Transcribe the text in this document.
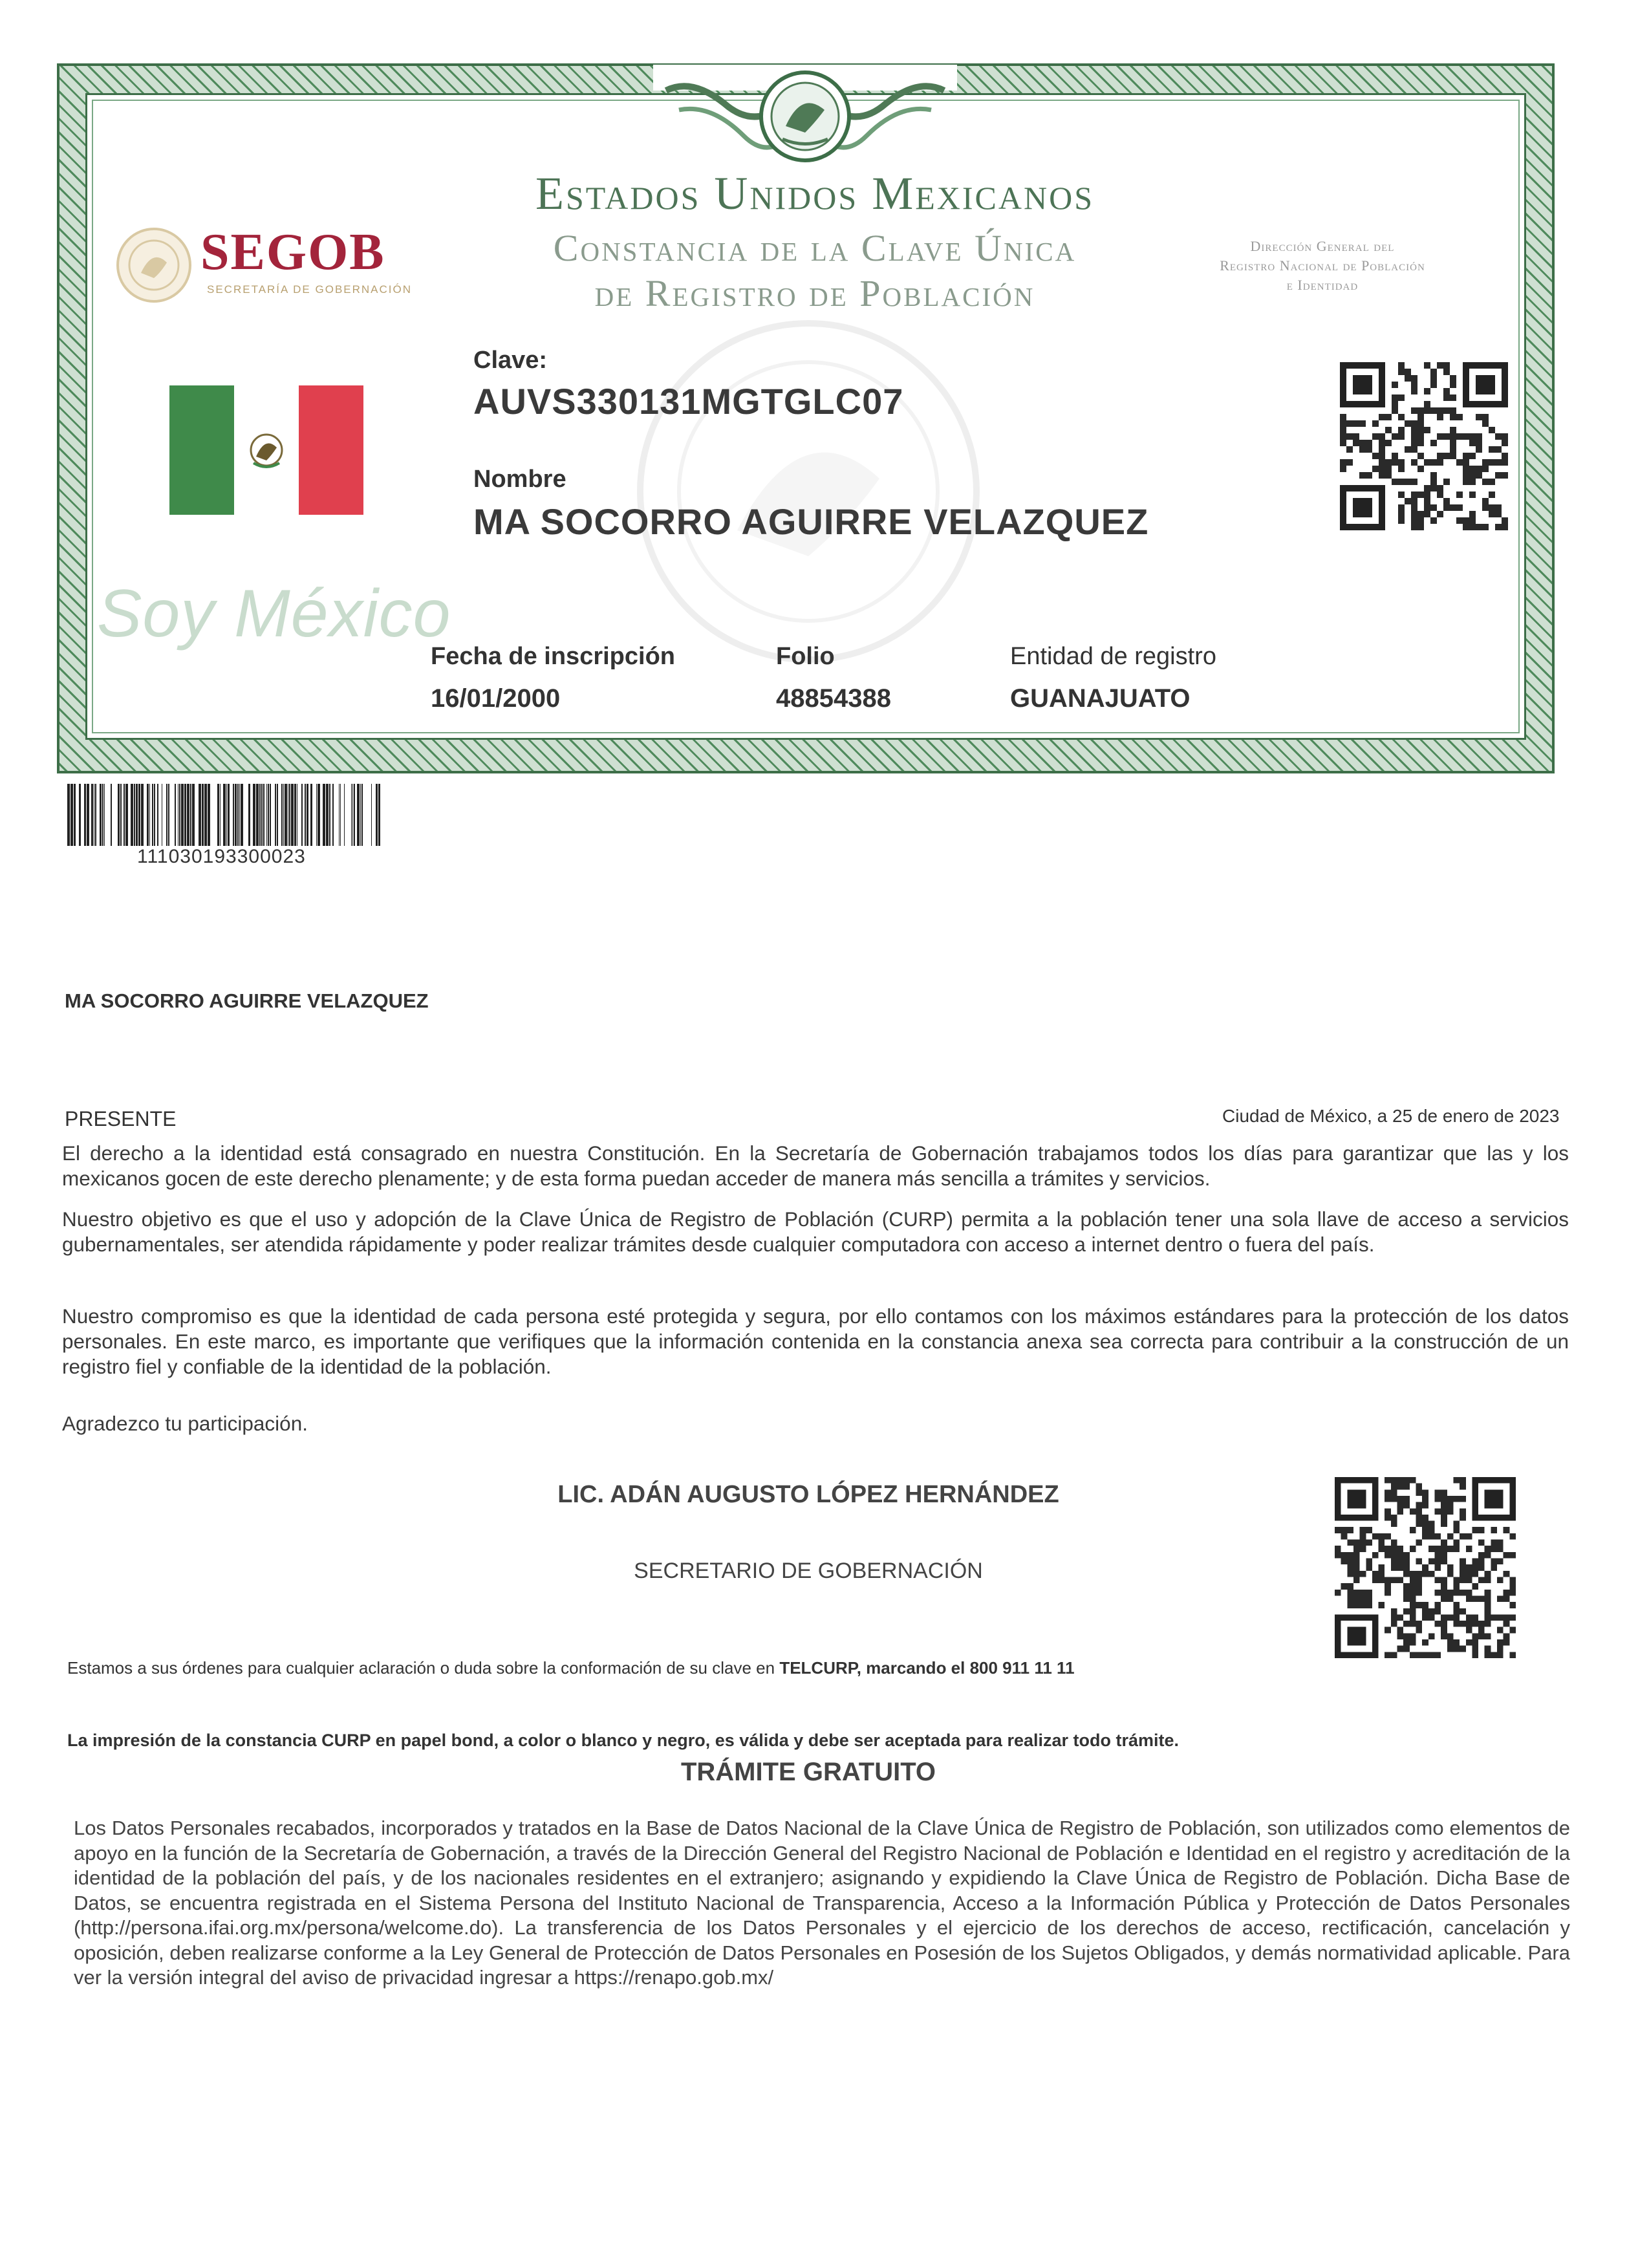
SEGOB
SECRETARÍA DE GOBERNACIÓN
Estados Unidos Mexicanos
Constancia de la Clave Única
de Registro de Población
Dirección General del
Registro Nacional de Población
e Identidad
Clave:
AUVS330131MGTGLC07
Nombre
MA SOCORRO AGUIRRE VELAZQUEZ
Soy México
Fecha de inscripción	Folio	Entidad de registro
16/01/2000	48854388	GUANAJUATO
111030193300023
MA SOCORRO AGUIRRE VELAZQUEZ
PRESENTE	Ciudad de México, a 25 de enero de 2023
El derecho a la identidad está consagrado en nuestra Constitución. En la Secretaría de Gobernación trabajamos todos los días para garantizar que las y los mexicanos gocen de este derecho plenamente; y de esta forma puedan acceder de manera más sencilla a trámites y servicios.
Nuestro objetivo es que el uso y adopción de la Clave Única de Registro de Población (CURP) permita a la población tener una sola llave de acceso a servicios gubernamentales, ser atendida rápidamente y poder realizar trámites desde cualquier computadora con acceso a internet dentro o fuera del país.
Nuestro compromiso es que la identidad de cada persona esté protegida y segura, por ello contamos con los máximos estándares para la protección de los datos personales. En este marco, es importante que verifiques que la información contenida en la constancia anexa sea correcta para contribuir a la construcción de un registro fiel y confiable de la identidad de la población.
Agradezco tu participación.
LIC. ADÁN AUGUSTO LÓPEZ HERNÁNDEZ
SECRETARIO DE GOBERNACIÓN
Estamos a sus órdenes para cualquier aclaración o duda sobre la conformación de su clave en TELCURP, marcando el 800 911 11 11
La impresión de la constancia CURP en papel bond, a color o blanco y negro, es válida y debe ser aceptada para realizar todo trámite.
TRÁMITE GRATUITO
Los Datos Personales recabados, incorporados y tratados en la Base de Datos Nacional de la Clave Única de Registro de Población, son utilizados como elementos de apoyo en la función de la Secretaría de Gobernación, a través de la Dirección General del Registro Nacional de Población e Identidad en el registro y acreditación de la identidad de la población del país, y de los nacionales residentes en el extranjero; asignando y expidiendo la Clave Única de Registro de Población. Dicha Base de Datos, se encuentra registrada en el Sistema Persona del Instituto Nacional de Transparencia, Acceso a la Información Pública y Protección de Datos Personales (http://persona.ifai.org.mx/persona/welcome.do). La transferencia de los Datos Personales y el ejercicio de los derechos de acceso, rectificación, cancelación y oposición, deben realizarse conforme a la Ley General de Protección de Datos Personales en Posesión de los Sujetos Obligados, y demás normatividad aplicable. Para ver la versión integral del aviso de privacidad ingresar a https://renapo.gob.mx/
